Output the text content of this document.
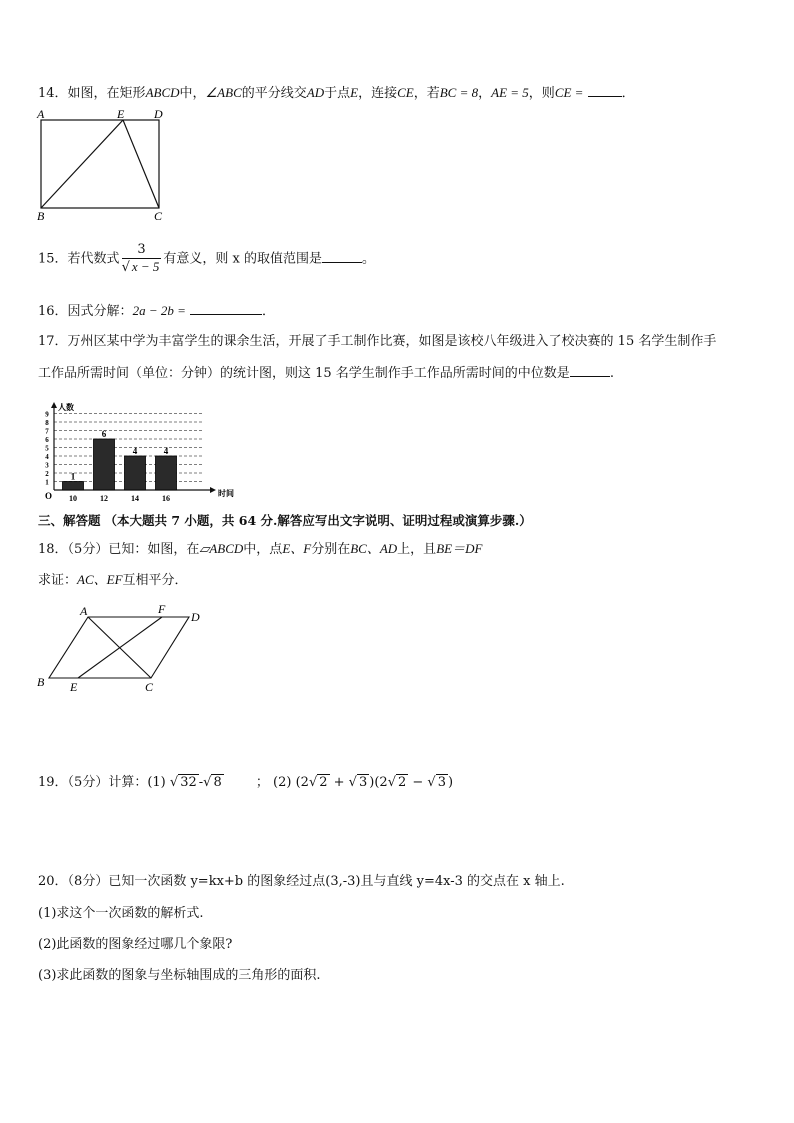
14．如图，在矩形ABCD中，∠ABC的平分线交AD于点E，连接CE，若BC = 8，AE = 5，则CE =	．
A	E D
B	C
15．若代数式 $\frac{3}{√ x - 5}$ 有意义，则 x 的取值范围是	。
16．因式分解：2a − 2b =	．
17．万州区某中学为丰富学生的课余生活，开展了手工制作比赛，如图是该校八年级进入了校决赛的 15 名学生制作手
工作品所需时间（单位：分钟）的统计图，则这 15 名学生制作手工作品所需时间的中位数是	.
人数
时间
O
1
2
3
4
5
6
7
8
9
1
10
6
12
4
14
4
16
三、解答题 （本大题共 7 小题，共 64 分.解答应写出文字说明、证明过程或演算步骤.）
18．（5分）已知：如图，在▱ABCD中，点E、F分别在BC、AD上，且BE＝DF
求证：AC、EF互相平分．
A	F
D
B E	C
19．（5分）计算：(1) √ 32 -√ 8	； (2) (2√ 2 + √ 3 )(2√ 2 − √ 3 )
20．（8分）已知一次函数 y=kx+b 的图象经过点(3,-3)且与直线 y=4x-3 的交点在 x 轴上.
(1)求这个一次函数的解析式.
(2)此函数的图象经过哪几个象限?
(3)求此函数的图象与坐标轴围成的三角形的面积.
